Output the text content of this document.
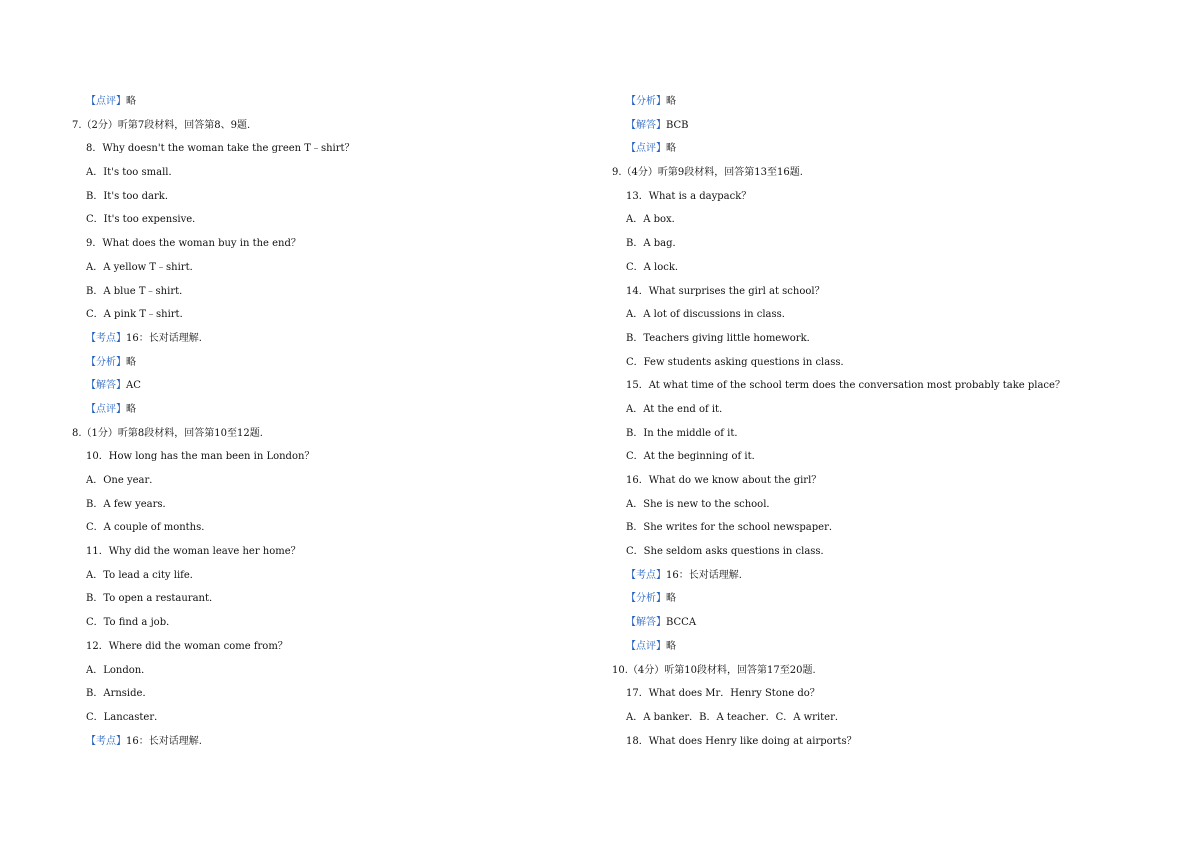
【点评】略
7.（2分）听第7段材料，回答第8、9题.
8．Why doesn't the woman take the green T﹣shirt？
A．It's too small．
B．It's too dark．
C．It's too expensive．
9．What does the woman buy in the end？
A．A yellow T﹣shirt．
B．A blue T﹣shirt．
C．A pink T﹣shirt．
【考点】16：长对话理解.
【分析】略
【解答】AC
【点评】略
8.（1分）听第8段材料，回答第10至12题.
10．How long has the man been in London？
A．One year．
B．A few years．
C．A couple of months．
11．Why did the woman leave her home？
A．To lead a city life．
B．To open a restaurant．
C．To find a job．
12．Where did the woman come from？
A．London．
B．Arnside．
C．Lancaster．
【考点】16：长对话理解.
【分析】略
【解答】BCB
【点评】略
9.（4分）听第9段材料，回答第13至16题.
13．What is a daypack？
A．A box．
B．A bag．
C．A lock．
14．What surprises the girl at school？
A．A lot of discussions in class．
B．Teachers giving little homework．
C．Few students asking questions in class．
15．At what time of the school term does the conversation most probably take place？
A．At the end of it．
B．In the middle of it．
C．At the beginning of it．
16．What do we know about the girl？
A．She is new to the school．
B．She writes for the school newspaper．
C．She seldom asks questions in class．
【考点】16：长对话理解.
【分析】略
【解答】BCCA
【点评】略
10.（4分）听第10段材料，回答第17至20题.
17．What does Mr．Henry Stone do？
A．A banker．B．A teacher．C．A writer．
18．What does Henry like doing at airports？
